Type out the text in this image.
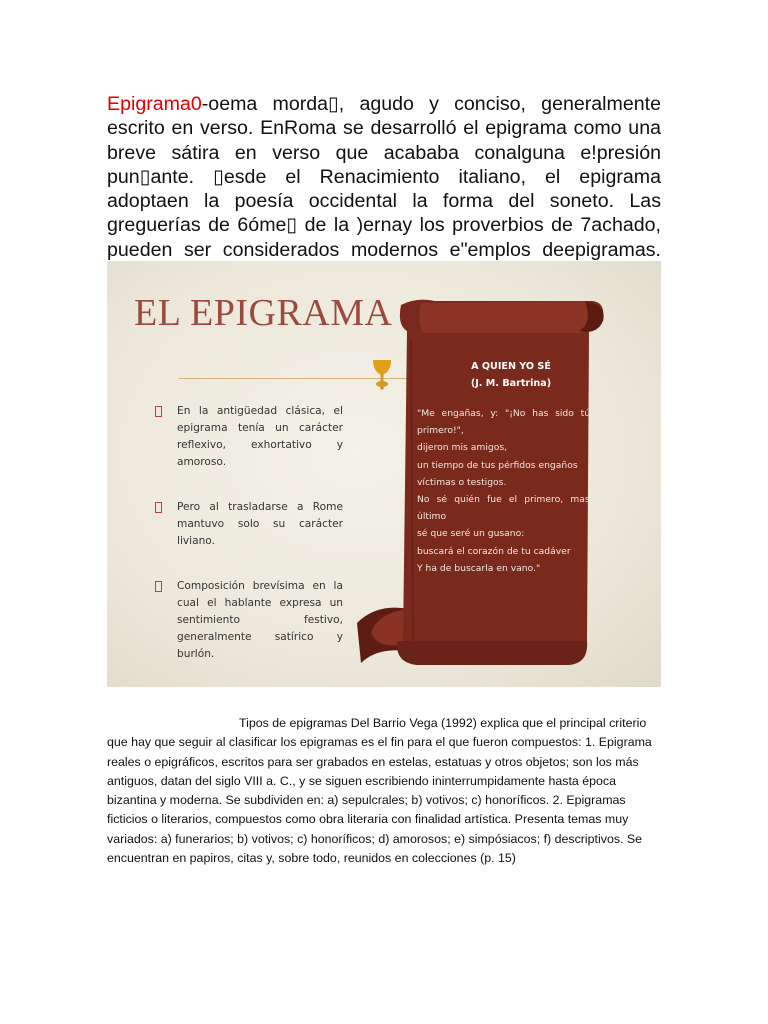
Epigrama0-oema morda▯, agudo y conciso, generalmente escrito en verso. EnRoma se desarrolló el epigrama como una breve sátira en verso que acababa conalguna e!presión pun▯ante. ▯esde el Renacimiento italiano, el epigrama adoptaen la poesía occidental la forma del soneto. Las greguerías de 6óme▯ de la )ernay los proverbios de 7achado, pueden ser considerados modernos e"emplos deepigramas.

EL EPIGRAMA
En la antigüedad clásica, el epigrama tenía un carácter reflexivo, exhortativo y amoroso.
Pero al trasladarse a Rome mantuvo solo su carácter liviano.
Composición brevísima en la cual el hablante expresa un sentimiento festivo, generalmente satírico y burlón.

A QUIEN YO SÉ

(J. M. Bartrina)

"Me engañas, y: "¡No has sido tú el

primero!",

dijeron mis amigos,

un tiempo de tus pérfidos engaños

víctimas o testigos.

No sé quién fue el primero, mas el

último

sé que seré un gusano:

buscará el corazón de tu cadáver

Y ha de buscarla en vano."

Tipos de epigramas Del Barrio Vega (1992) explica que el principal criterio que hay que seguir al clasificar los epigramas es el fin para el que fueron compuestos: 1. Epigrama reales o epigráficos, escritos para ser grabados en estelas, estatuas y otros objetos; son los más antiguos, datan del siglo VIII a. C., y se siguen escribiendo ininterrumpidamente hasta época bizantina y moderna. Se subdividen en: a) sepulcrales; b) votivos; c) honoríficos. 2. Epigramas ficticios o literarios, compuestos como obra literaria con finalidad artística. Presenta temas muy variados: a) funerarios; b) votivos; c) honoríficos; d) amorosos; e) simpósiacos; f) descriptivos. Se encuentran en papiros, citas y, sobre todo, reunidos en colecciones (p. 15)
